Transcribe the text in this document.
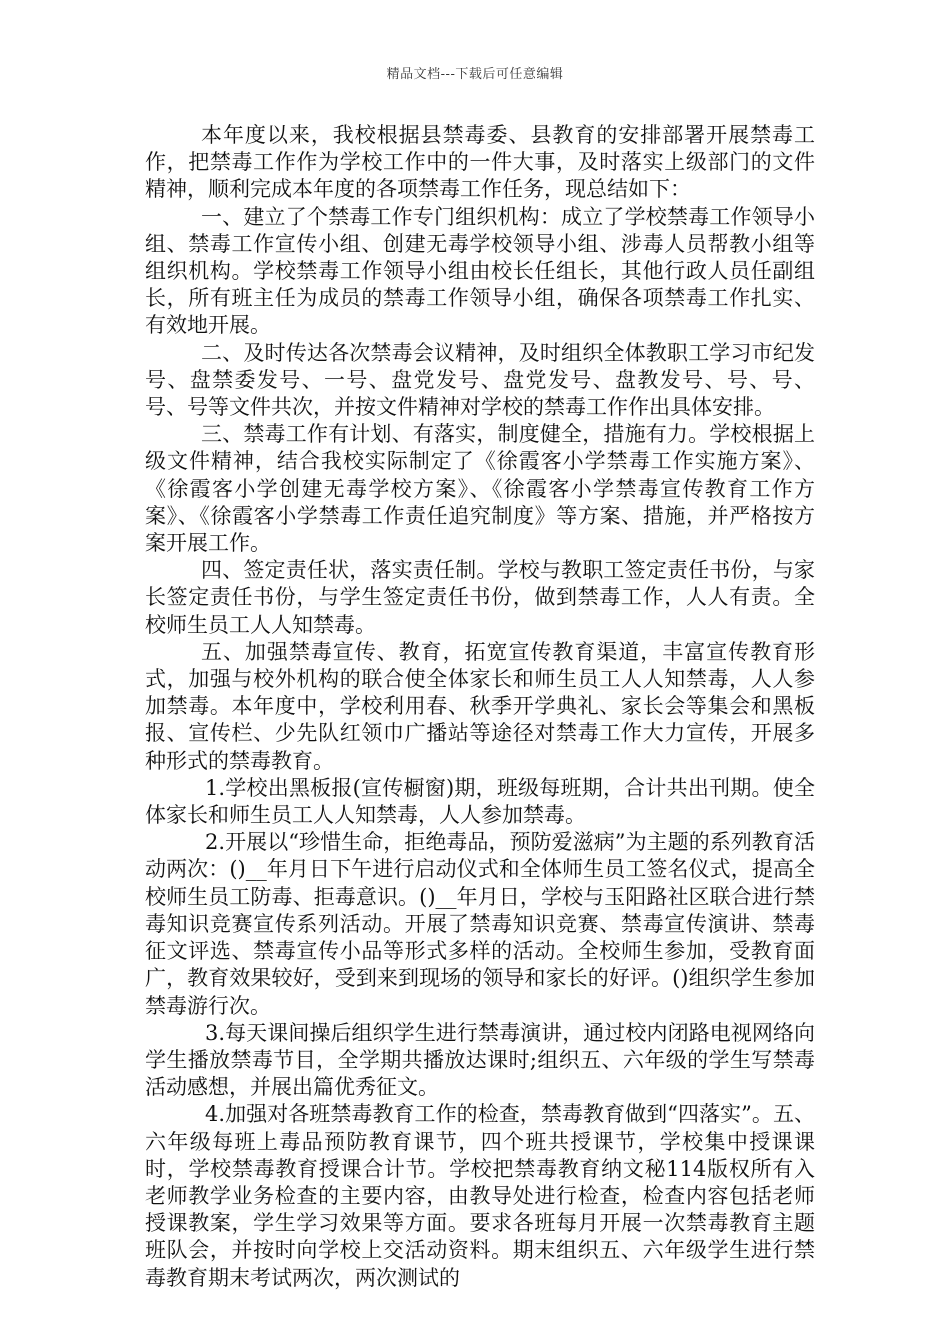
精品文档---下载后可任意编辑

本年度以来，我校根据县禁毒委、县教育的安排部署开展禁毒工作，把禁毒工作作为学校工作中的一件大事，及时落实上级部门的文件精神，顺利完成本年度的各项禁毒工作任务，现总结如下：

一、建立了个禁毒工作专门组织机构：成立了学校禁毒工作领导小组、禁毒工作宣传小组、创建无毒学校领导小组、涉毒人员帮教小组等组织机构。学校禁毒工作领导小组由校长任组长，其他行政人员任副组长，所有班主任为成员的禁毒工作领导小组，确保各项禁毒工作扎实、有效地开展。

二、及时传达各次禁毒会议精神，及时组织全体教职工学习市纪发号、盘禁委发号、一号、盘党发号、盘党发号、盘教发号、号、号、号、号等文件共次，并按文件精神对学校的禁毒工作作出具体安排。

三、禁毒工作有计划、有落实，制度健全，措施有力。学校根据上级文件精神，结合我校实际制定了《徐霞客小学禁毒工作实施方案》、《徐霞客小学创建无毒学校方案》、《徐霞客小学禁毒宣传教育工作方案》、《徐霞客小学禁毒工作责任追究制度》等方案、措施，并严格按方案开展工作。

四、签定责任状，落实责任制。学校与教职工签定责任书份，与家长签定责任书份，与学生签定责任书份，做到禁毒工作，人人有责。全校师生员工人人知禁毒。

五、加强禁毒宣传、教育，拓宽宣传教育渠道，丰富宣传教育形式，加强与校外机构的联合使全体家长和师生员工人人知禁毒，人人参加禁毒。本年度中，学校利用春、秋季开学典礼、家长会等集会和黑板报、宣传栏、少先队红领巾广播站等途径对禁毒工作大力宣传，开展多种形式的禁毒教育。

1.学校出黑板报(宣传橱窗)期，班级每班期，合计共出刊期。使全体家长和师生员工人人知禁毒，人人参加禁毒。

2.开展以“珍惜生命，拒绝毒品，预防爱滋病”为主题的系列教育活动两次：()__年月日下午进行启动仪式和全体师生员工签名仪式，提高全校师生员工防毒、拒毒意识。()__年月日，学校与玉阳路社区联合进行禁毒知识竞赛宣传系列活动。开展了禁毒知识竞赛、禁毒宣传演讲、禁毒征文评选、禁毒宣传小品等形式多样的活动。全校师生参加，受教育面广，教育效果较好，受到来到现场的领导和家长的好评。()组织学生参加禁毒游行次。

3.每天课间操后组织学生进行禁毒演讲，通过校内闭路电视网络向学生播放禁毒节目，全学期共播放达课时;组织五、六年级的学生写禁毒活动感想，并展出篇优秀征文。

4.加强对各班禁毒教育工作的检查，禁毒教育做到“四落实”。五、六年级每班上毒品预防教育课节，四个班共授课节，学校集中授课课时，学校禁毒教育授课合计节。学校把禁毒教育纳文秘114版权所有入老师教学业务检查的主要内容，由教导处进行检查，检查内容包括老师授课教案，学生学习效果等方面。要求各班每月开展一次禁毒教育主题班队会，并按时向学校上交活动资料。期末组织五、六年级学生进行禁毒教育期末考试两次，两次测试的
